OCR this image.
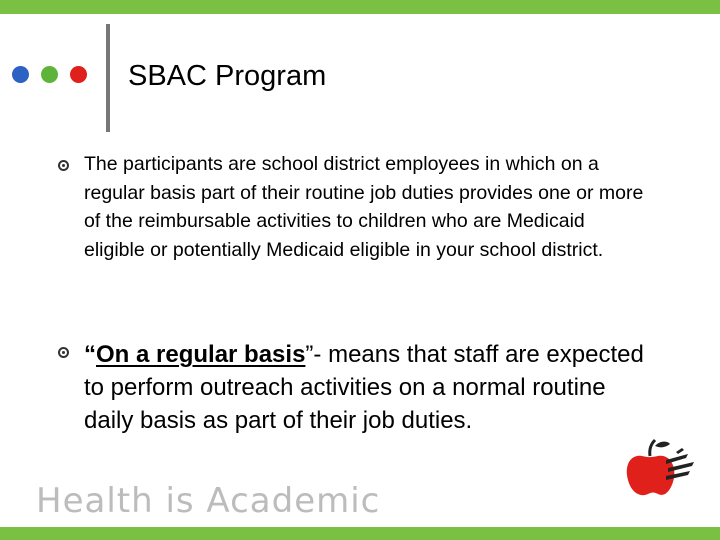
SBAC Program
The participants are school district employees in which on a regular basis part of their routine job duties provides one or more of the reimbursable activities to children who are Medicaid eligible or potentially Medicaid eligible in your school district.
“On a regular basis”- means that staff are expected to perform outreach activities on a normal routine daily basis as part of their job duties.
Health is Academic
